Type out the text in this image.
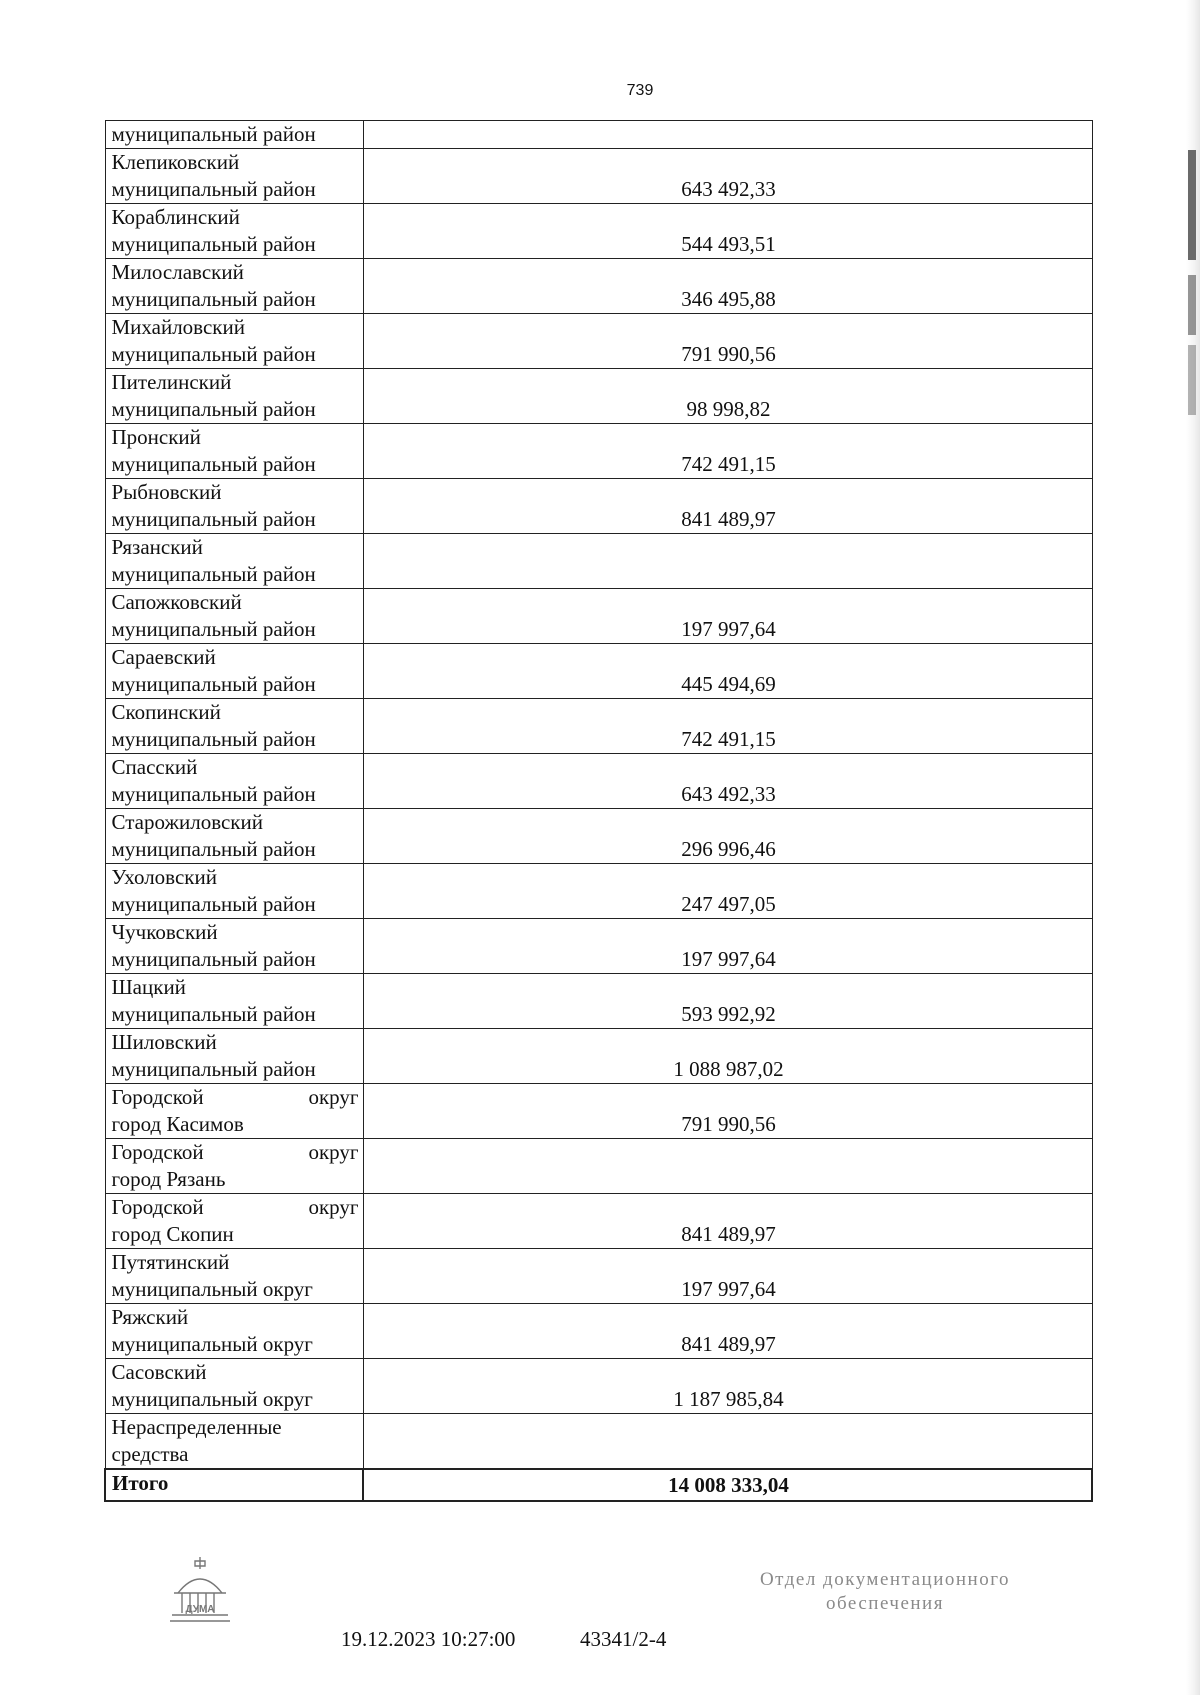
739
муниципальный район	

Клепиковский
муниципальный район	643 492,33

Кораблинский
муниципальный район	544 493,51

Милославский
муниципальный район	346 495,88

Михайловский
муниципальный район	791 990,56

Пителинский
муниципальный район	98 998,82

Пронский
муниципальный район	742 491,15

Рыбновский
муниципальный район	841 489,97

Рязанский
муниципальный район	

Сапожковский
муниципальный район	197 997,64

Сараевский
муниципальный район	445 494,69

Скопинский
муниципальный район	742 491,15

Спасский
муниципальный район	643 492,33

Старожиловский
муниципальный район	296 996,46

Ухоловский
муниципальный район	247 497,05

Чучковский
муниципальный район	197 997,64

Шацкий
муниципальный район	593 992,92

Шиловский
муниципальный район	1 088 987,02

Городской округ
город Касимов	791 990,56

Городской округ
город Рязань	

Городской округ
город Скопин	841 489,97

Путятинский
муниципальный округ	197 997,64

Ряжский
муниципальный округ	841 489,97

Сасовский
муниципальный округ	1 187 985,84

Нераспределенные
средства	

Итого	14 008 333,04
ДУМА
19.12.2023 10:27:00	43341/2-4
Отдел документационного
обеспечения
